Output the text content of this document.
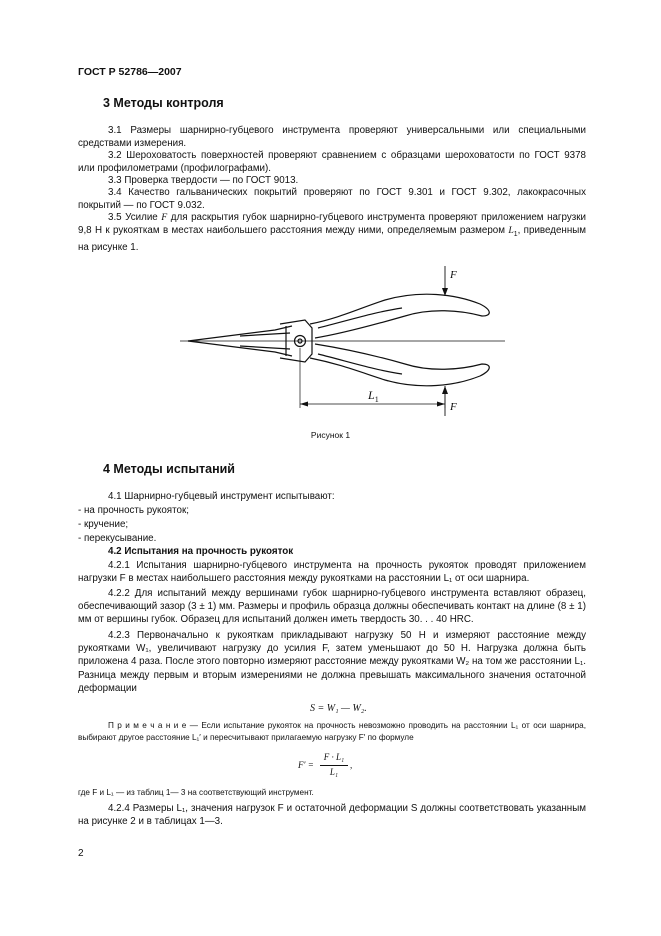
ГОСТ Р 52786—2007
3 Методы контроля
3.1 Размеры шарнирно-губцевого инструмента проверяют универсальными или специальными средствами измерения.
3.2 Шероховатость поверхностей проверяют сравнением с образцами шероховатости по ГОСТ 9378 или профилометрами (профилографами).
3.3 Проверка твердости — по ГОСТ 9013.
3.4 Качество гальванических покрытий проверяют по ГОСТ 9.301 и ГОСТ 9.302, лакокрасочных покрытий — по ГОСТ 9.032.
3.5 Усилие F для раскрытия губок шарнирно-губцевого инструмента проверяют приложением нагрузки 9,8 Н к рукояткам в местах наибольшего расстояния между ними, определяемым размером $L_1$, приведенным на рисунке 1.
F
F
$L_1$
Рисунок 1
4 Методы испытаний
4.1 Шарнирно-губцевый инструмент испытывают:
- на прочность рукояток;
- кручение;
- перекусывание.
4.2 Испытания на прочность рукояток
4.2.1 Испытания шарнирно-губцевого инструмента на прочность рукояток проводят приложением нагрузки F в местах наибольшего расстояния между рукоятками на расстоянии L₁ от оси шарнира.
4.2.2 Для испытаний между вершинами губок шарнирно-губцевого инструмента вставляют образец, обеспечивающий зазор (3 ± 1) мм. Размеры и профиль образца должны обеспечивать контакт на длине (8 ± 1) мм от вершины губок. Образец для испытаний должен иметь твердость 30. . . 40 HRC.
4.2.3 Первоначально к рукояткам прикладывают нагрузку 50 Н и измеряют расстояние между рукоятками W₁, увеличивают нагрузку до усилия F, затем уменьшают до 50 Н. Нагрузка должна быть приложена 4 раза. После этого повторно измеряют расстояние между рукоятками W₂ на том же расстоянии L₁. Разница между первым и вторым измерениями не должна превышать максимального значения остаточной деформации
S = W₁ — W₂.
П р и м е ч а н и е — Если испытание рукояток на прочность невозможно проводить на расстоянии L₁ от оси шарнира, выбирают другое расстояние L₁′ и пересчитывают прилагаемую нагрузку F′ по формуле
F′ =
F · L₁
L₁
,
где F и L₁ — из таблиц 1— 3 на соответствующий инструмент.
4.2.4 Размеры L₁, значения нагрузок F и остаточной деформации S должны соответствовать указанным на рисунке 2 и в таблицах 1—3.
2
